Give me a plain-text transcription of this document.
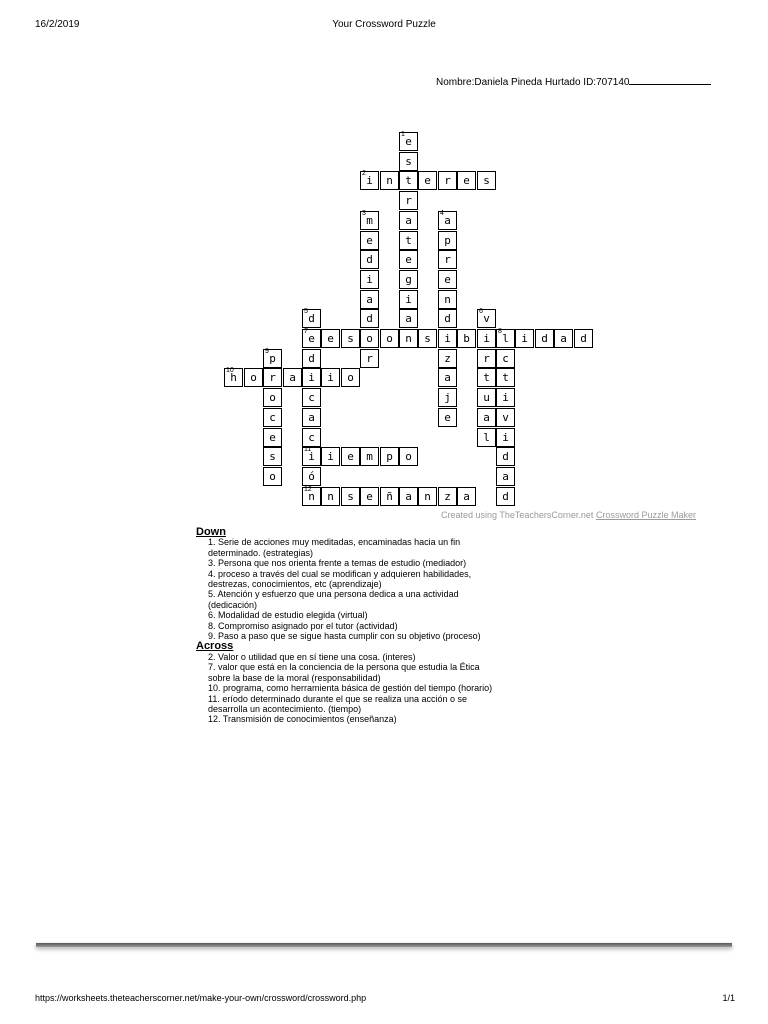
16/2/2019	Your Crossword Puzzle
Nombre:Daniela Pineda Hurtado ID:707140
1
e
s
t
r
a
t
e
g
i
a
2
i	n	e	r	e	s
3
m
e
d
i
a
d
o
r
4
a
p
r
e
n
d
i
z
a
j
e
5
d
7
e
d
i
c
a
c
11
i
ó
12
n
6
v
i
r
t
u
a
l
e	s	o	n	s	b
8
l	i	d	a	d
c
t
i
v
i
d
a
d
9
p
r
o
c
e
s
o
10
h	o	a	i	o
i	e	m	p	o
n	s	e	ñ	a	n	z	a
Created using TheTeachersCorner.net Crossword Puzzle Maker
Down
1. Serie de acciones muy meditadas, encaminadas hacia un fin
determinado. (estrategias)
3. Persona que nos orienta frente a temas de estudio (mediador)
4. proceso a través del cual se modifican y adquieren habilidades,
destrezas, conocimientos, etc (aprendizaje)
5. Atención y esfuerzo que una persona dedica a una actividad
(dedicación)
6. Modalidad de estudio elegida (virtual)
8. Compromiso asignado por el tutor (actividad)
9. Paso a paso que se sigue hasta cumplir con su objetivo (proceso)
Across
2. Valor o utilidad que en sí tiene una cosa. (interes)
7. valor que está en la conciencia de la persona que estudia la Ética
sobre la base de la moral (responsabilidad)
10. programa, como herramienta básica de gestión del tiempo (horario)
11. eríodo determinado durante el que se realiza una acción o se
desarrolla un acontecimiento. (tiempo)
12. Transmisión de conocimientos (enseñanza)
https://worksheets.theteacherscorner.net/make-your-own/crossword/crossword.php	1/1
